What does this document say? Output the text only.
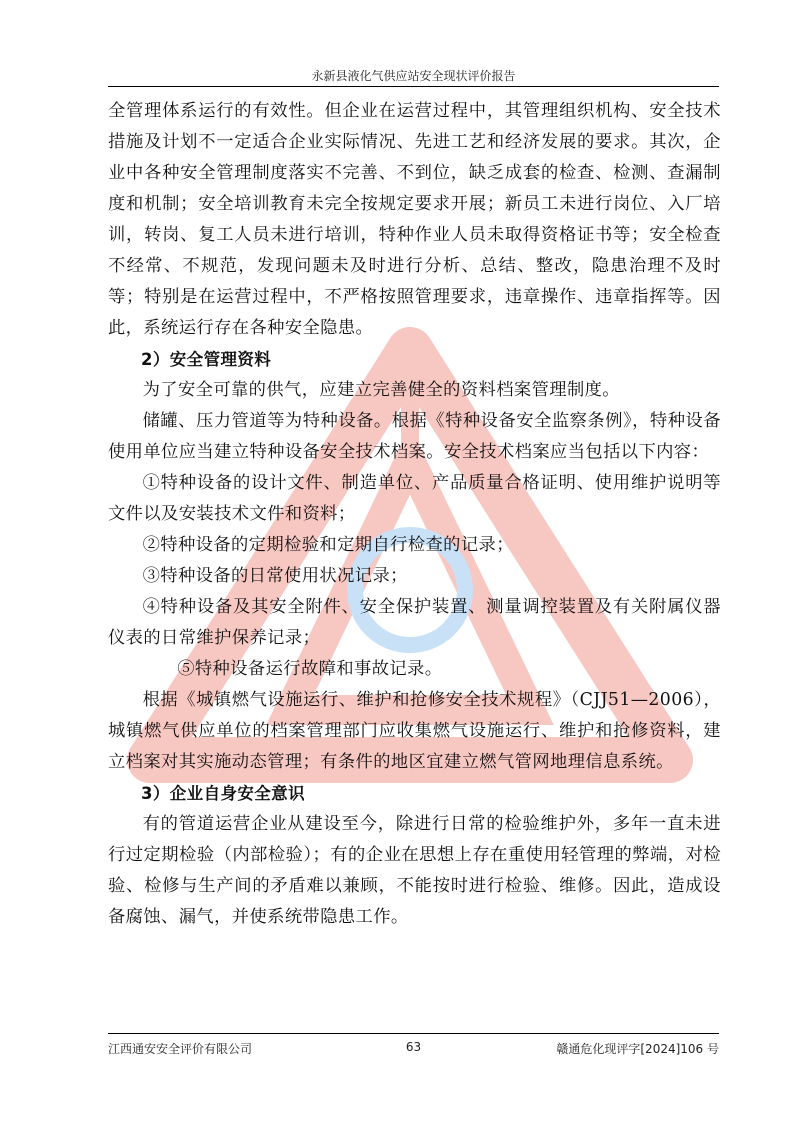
永新县液化气供应站安全现状评价报告

全管理体系运行的有效性。但企业在运营过程中，其管理组织机构、安全技术措施及计划不一定适合企业实际情况、先进工艺和经济发展的要求。其次，企业中各种安全管理制度落实不完善、不到位，缺乏成套的检查、检测、查漏制度和机制；安全培训教育未完全按规定要求开展；新员工未进行岗位、入厂培训，转岗、复工人员未进行培训，特种作业人员未取得资格证书等；安全检查不经常、不规范，发现问题未及时进行分析、总结、整改，隐患治理不及时等；特别是在运营过程中，不严格按照管理要求，违章操作、违章指挥等。因此，系统运行存在各种安全隐患。

2）安全管理资料

为了安全可靠的供气，应建立完善健全的资料档案管理制度。

储罐、压力管道等为特种设备。根据《特种设备安全监察条例》，特种设备使用单位应当建立特种设备安全技术档案。安全技术档案应当包括以下内容：

①特种设备的设计文件、制造单位、产品质量合格证明、使用维护说明等文件以及安装技术文件和资料；

②特种设备的定期检验和定期自行检查的记录；

③特种设备的日常使用状况记录；

④特种设备及其安全附件、安全保护装置、测量调控装置及有关附属仪器仪表的日常维护保养记录；

⑤特种设备运行故障和事故记录。

根据《城镇燃气设施运行、维护和抢修安全技术规程》（CJJ51—2006），城镇燃气供应单位的档案管理部门应收集燃气设施运行、维护和抢修资料，建立档案对其实施动态管理；有条件的地区宜建立燃气管网地理信息系统。

3）企业自身安全意识

有的管道运营企业从建设至今，除进行日常的检验维护外，多年一直未进行过定期检验（内部检验）；有的企业在思想上存在重使用轻管理的弊端，对检验、检修与生产间的矛盾难以兼顾，不能按时进行检验、维修。因此，造成设备腐蚀、漏气，并使系统带隐患工作。

江西通安安全评价有限公司	63	赣通危化现评字[2024]106 号
